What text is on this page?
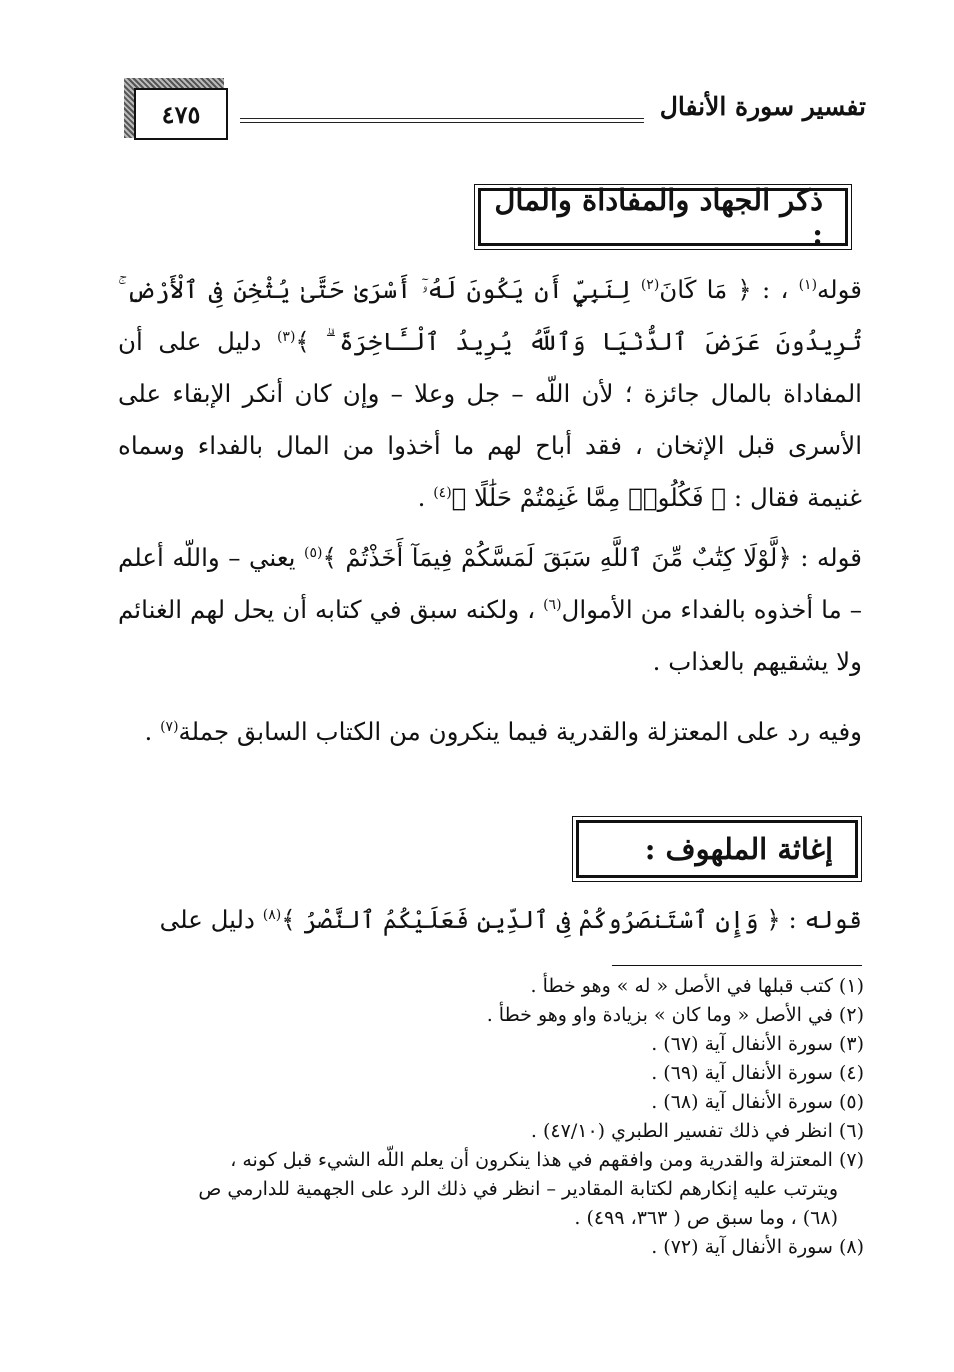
تفسير سورة الأنفال
٤٧٥
ذكر الجهاد والمفاداة والمال :
قوله$^{(١)}$ ، : ﴿ مَا كَانَ$^{(٢)}$ لِنَبِيٍّ أَن يَكُونَ لَهُۥٓ أَسْرَىٰ حَتَّىٰ يُثْخِنَ فِى ٱلْأَرْضِ ۚ تُرِيدُونَ عَرَضَ ٱلدُّنْيَا وَٱللَّهُ يُرِيدُ ٱلْـَٔاخِرَةَ ۗ ﴾$^{(٣)}$ دليل على أن المفاداة بالمال جائزة ؛ لأن اللّه – جل وعلا – وإن كان أنكر الإبقاء على الأسرى قبل الإثخان ، فقد أباح لهم ما أخذوا من المال بالفداء وسماه غنيمة فقال : ﴿ فَكُلُوا۟ مِمَّا غَنِمْتُمْ حَلَٰلًا ﴾$^{(٤)}$ .
قوله : ﴿لَّوْلَا كِتَٰبٌ مِّنَ ٱللَّهِ سَبَقَ لَمَسَّكُمْ فِيمَآ أَخَذْتُمْ ﴾$^{(٥)}$ يعني – واللّه أعلم – ما أخذوه بالفداء من الأموال$^{(٦)}$ ، ولكنه سبق في كتابه أن يحل لهم الغنائم ولا يشقيهم بالعذاب .
وفيه رد على المعتزلة والقدرية فيما ينكرون من الكتاب السابق جملة$^{(٧)}$ .
إغاثة الملهوف :
قوله : ﴿ وَإِنِ ٱسْتَنصَرُوكُمْ فِى ٱلدِّينِ فَعَلَيْكُمُ ٱلنَّصْرُ ﴾$^{(٨)}$ دليل على

(١) كتب قبلها في الأصل « له » وهو خطأ .

(٢) في الأصل « وما كان » بزيادة واو وهو خطأ .

(٣) سورة الأنفال آية (٦٧) .

(٤) سورة الأنفال آية (٦٩) .

(٥) سورة الأنفال آية (٦٨) .

(٦) انظر في ذلك تفسير الطبري (٤٧/١٠) .

(٧) المعتزلة والقدرية ومن وافقهم في هذا ينكرون أن يعلم اللّه الشيء قبل كونه ،

ويترتب عليه إنكارهم لكتابة المقادير – انظر في ذلك الرد على الجهمية للدارمي ص

(٦٨) ، وما سبق ص ( ٣٦٣، ٤٩٩) .

(٨) سورة الأنفال آية (٧٢) .
